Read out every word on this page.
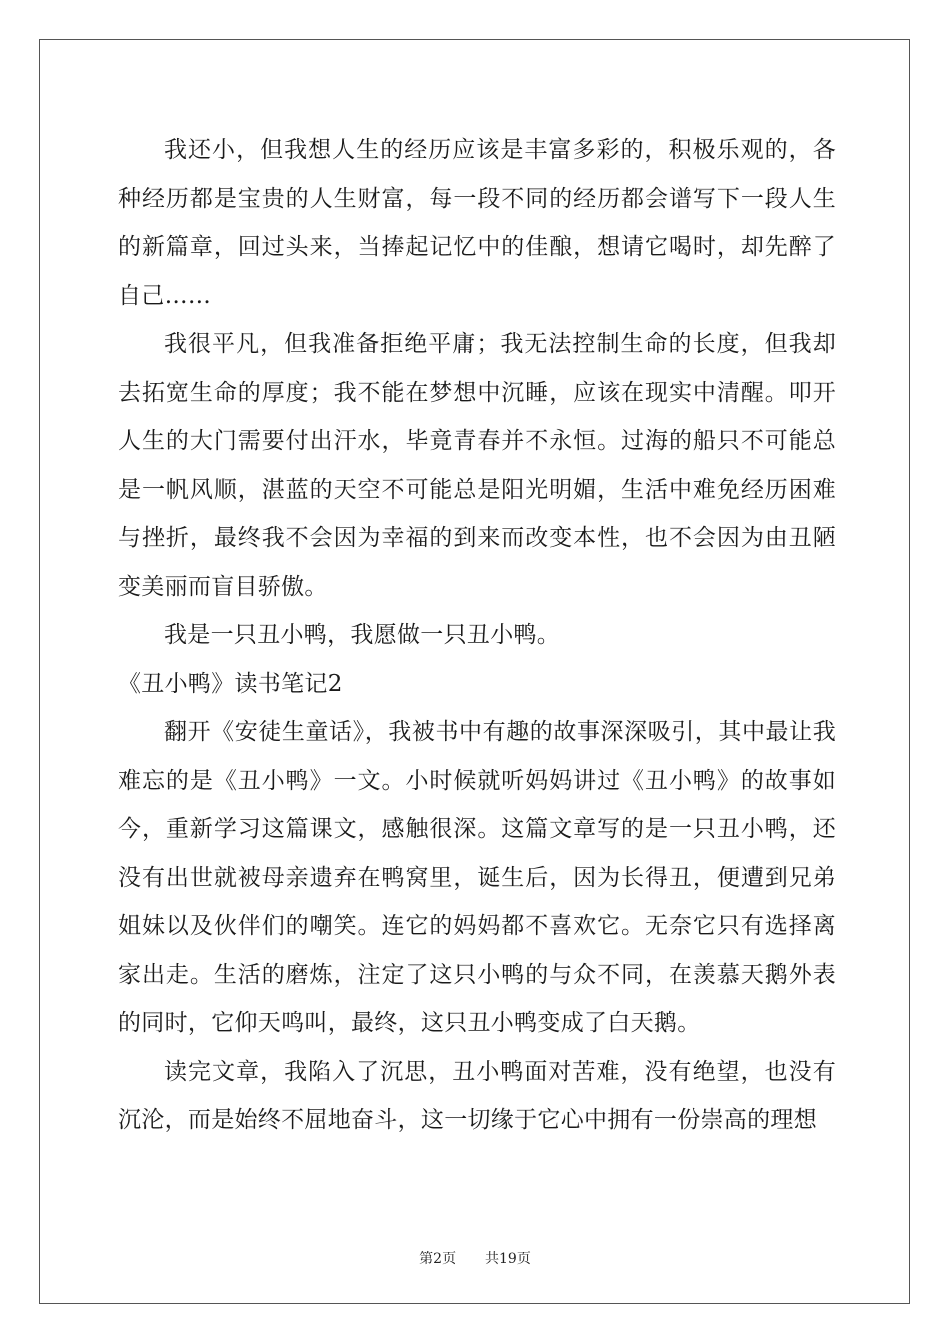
我还小，但我想人生的经历应该是丰富多彩的，积极乐观的，各种经历都是宝贵的人生财富，每一段不同的经历都会谱写下一段人生的新篇章，回过头来，当捧起记忆中的佳酿，想请它喝时，却先醉了自己……

我很平凡，但我准备拒绝平庸；我无法控制生命的长度，但我却去拓宽生命的厚度；我不能在梦想中沉睡，应该在现实中清醒。叩开人生的大门需要付出汗水，毕竟青春并不永恒。过海的船只不可能总是一帆风顺，湛蓝的天空不可能总是阳光明媚，生活中难免经历困难与挫折，最终我不会因为幸福的到来而改变本性，也不会因为由丑陋变美丽而盲目骄傲。

我是一只丑小鸭，我愿做一只丑小鸭。

《丑小鸭》读书笔记2

翻开《安徒生童话》，我被书中有趣的故事深深吸引，其中最让我难忘的是《丑小鸭》一文。小时候就听妈妈讲过《丑小鸭》的故事如今，重新学习这篇课文，感触很深。这篇文章写的是一只丑小鸭，还没有出世就被母亲遗弃在鸭窝里，诞生后，因为长得丑，便遭到兄弟姐妹以及伙伴们的嘲笑。连它的妈妈都不喜欢它。无奈它只有选择离家出走。生活的磨炼，注定了这只小鸭的与众不同，在羡慕天鹅外表的同时，它仰天鸣叫，最终，这只丑小鸭变成了白天鹅。

读完文章，我陷入了沉思，丑小鸭面对苦难，没有绝望，也没有沉沦，而是始终不屈地奋斗，这一切缘于它心中拥有一份崇高的理想

第2页 共19页
